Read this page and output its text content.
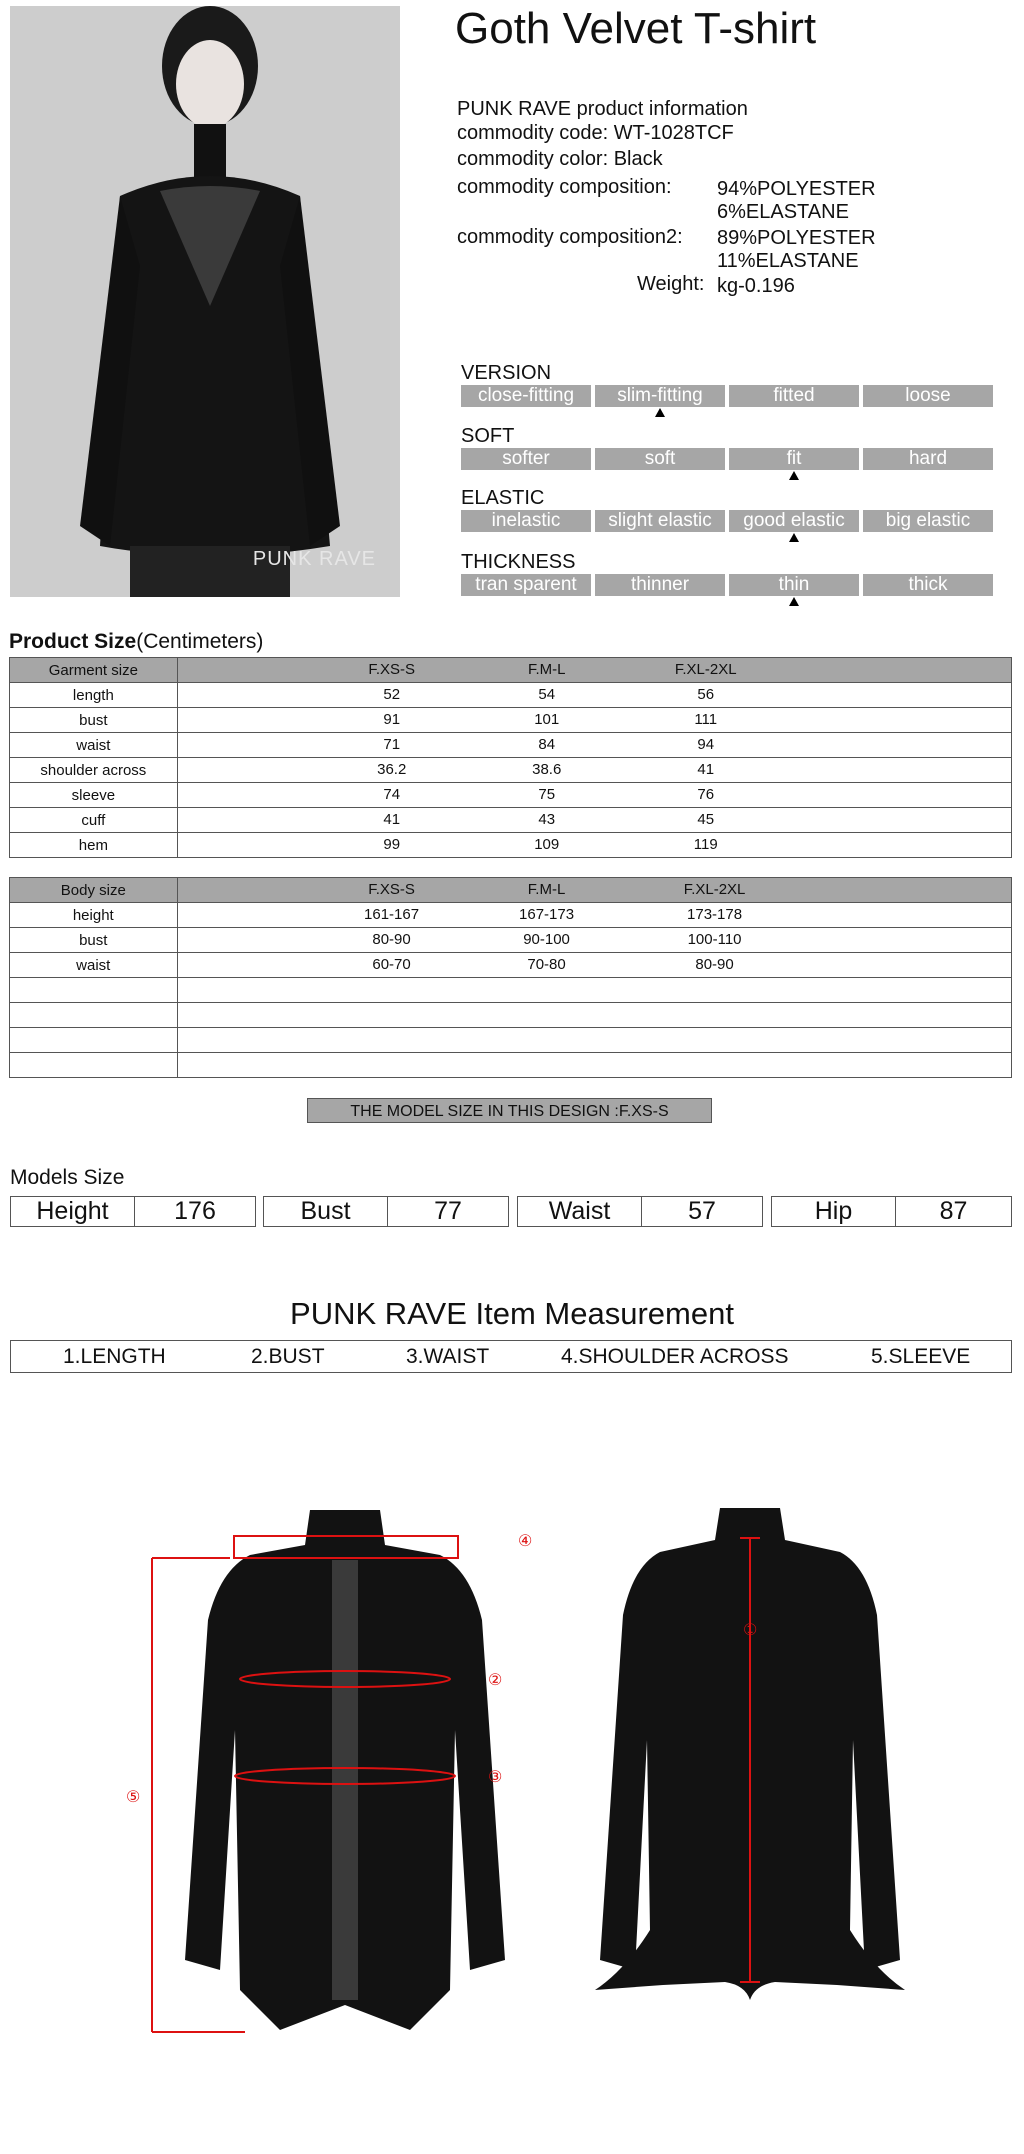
PUNK RAVE
Goth Velvet T-shirt
PUNK RAVE product information
commodity code: WT-1028TCF
commodity color: Black
commodity composition: 94%POLYESTER
6%ELASTANE
commodity composition2: 89%POLYESTER
11%ELASTANE
Weight: kg-0.196
VERSION
close-fitting	slim-fitting	fitted	loose
SOFT
softer	soft	fit	hard
ELASTIC
inelastic	slight elastic	good elastic	big elastic
THICKNESS
tran sparent	thinner	thin	thick
Product Size(Centimeters)
Garment size	F.XS-S F.M-L F.XL-2XL

length	52 54 56

bust	91 101 111

waist	71 84 94

shoulder across	36.2 38.6 41

sleeve	74 75 76

cuff	41 43 45

hem	99 109 119
Body size	F.XS-S F.M-L F.XL-2XL

height	161-167 167-173 173-178

bust	80-90 90-100 100-110

waist	60-70 70-80 80-90

THE MODEL SIZE IN THIS DESIGN :F.XS-S
Models Size
Height	176	Bust	77	Waist	57	Hip	87
PUNK RAVE Item Measurement
1.LENGTH	2.BUST	3.WAIST	4.SHOULDER ACROSS	5.SLEEVE
④
②
③
⑤
①
